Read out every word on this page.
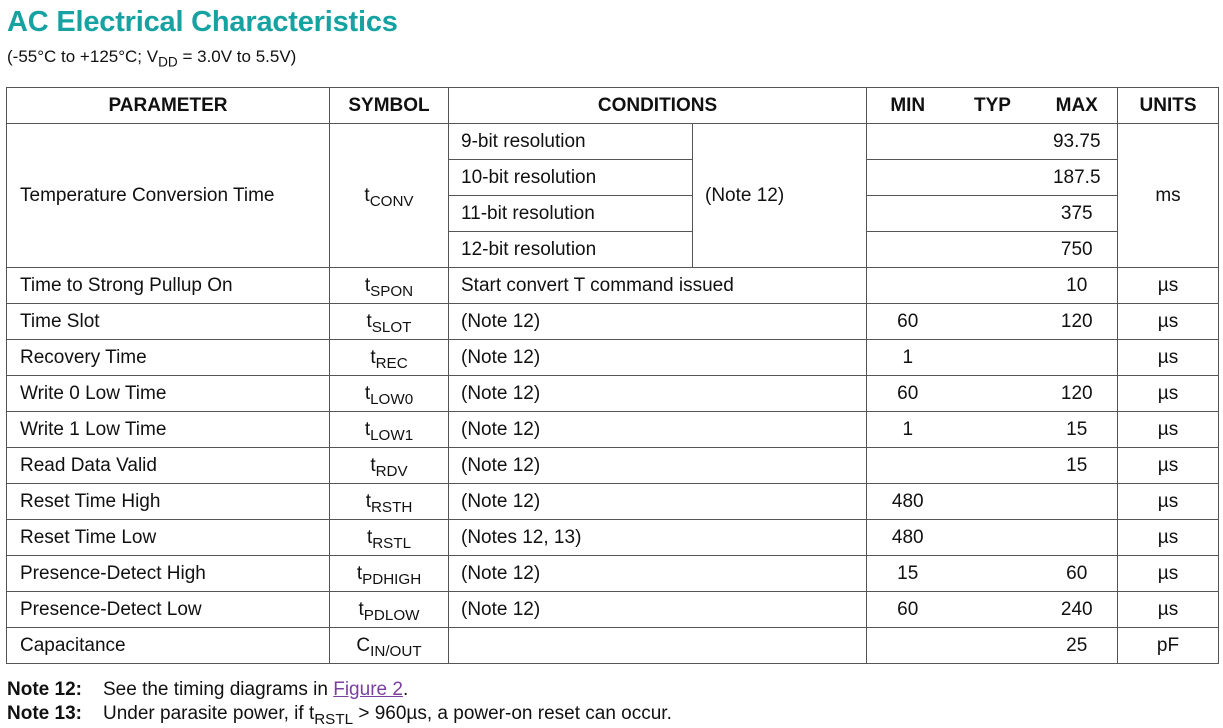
AC Electrical Characteristics
(-55°C to +125°C; $V_{DD} = 3.0V$ to 5.5V)
PARAMETER	SYMBOL	CONDITIONS		MIN	TYP	MAX	UNITS
Temperature Conversion Time	$t_{CONV}$	9-bit resolution	(Note 12)			93.75	ms
		10-bit resolution				187.5	
		11-bit resolution				375	
		12-bit resolution				750	
Time to Strong Pullup On	$t_{SPON}$	Start convert T command issued				10	µs
Time Slot	$t_{SLOT}$	(Note 12)		60		120	µs
Recovery Time	$t_{REC}$	(Note 12)		1			µs
Write 0 Low Time	$t_{LOW0}$	(Note 12)		60		120	µs
Write 1 Low Time	$t_{LOW1}$	(Note 12)		1		15	µs
Read Data Valid	$t_{RDV}$	(Note 12)				15	µs
Reset Time High	$t_{RSTH}$	(Note 12)		480			µs
Reset Time Low	$t_{RSTL}$	(Notes 12, 13)		480			µs
Presence-Detect High	$t_{PDHIGH}$	(Note 12)		15		60	µs
Presence-Detect Low	$t_{PDLOW}$	(Note 12)		60		240	µs
Capacitance	$C_{IN/OUT}$					25	pF
Note 12: See the timing diagrams in Figure 2.
Note 13: Under parasite power, if $t_{RSTL} > 960\mu s$, a power-on reset can occur.
